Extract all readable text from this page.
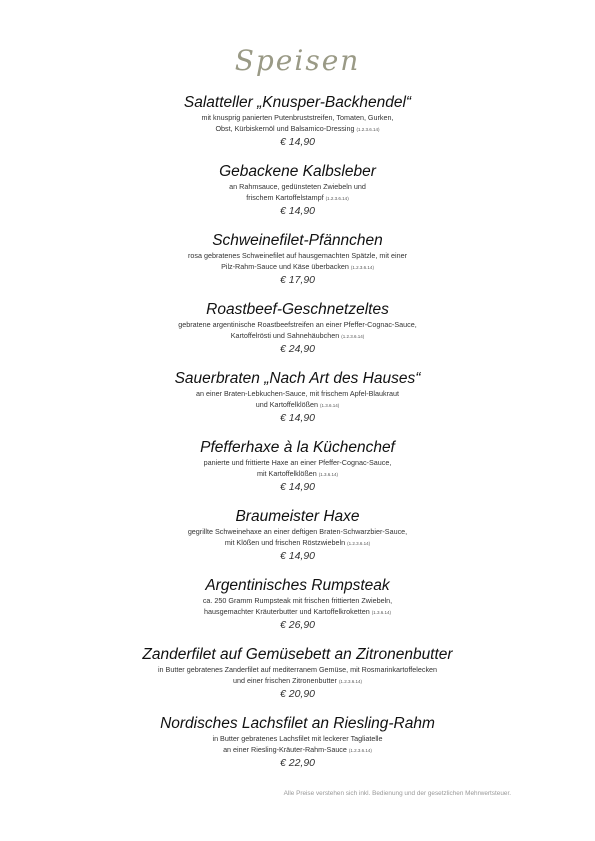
Speisen
Salatteller „Knusper-Backhendel“
mit knusprig panierten Putenbruststreifen, Tomaten, Gurken,
Obst, Kürbiskernöl und Balsamico-Dressing (1.2.3.6.14)
€ 14,90
Gebackene Kalbsleber
an Rahmsauce, gedünsteten Zwiebeln und
frischem Kartoffelstampf (1.2.3.6.14)
€ 14,90
Schweinefilet-Pfännchen
rosa gebratenes Schweinefilet auf hausgemachten Spätzle, mit einer
Pilz-Rahm-Sauce und Käse überbacken (1.2.3.6.14)
€ 17,90
Roastbeef-Geschnetzeltes
gebratene argentinische Roastbeefstreifen an einer Pfeffer-Cognac-Sauce,
Kartoffelrösti und Sahnehäubchen (1.2.3.6.14)
€ 24,90
Sauerbraten „Nach Art des Hauses“
an einer Braten-Lebkuchen-Sauce, mit frischem Apfel-Blaukraut
und Kartoffelklößen (1.3.6.14)
€ 14,90
Pfefferhaxe à la Küchenchef
panierte und frittierte Haxe an einer Pfeffer-Cognac-Sauce,
mit Kartoffelklößen (1.3.6.14)
€ 14,90
Braumeister Haxe
gegrillte Schweinehaxe an einer deftigen Braten-Schwarzbier-Sauce,
mit Klößen und frischen Röstzwiebeln (1.2.3.6.14)
€ 14,90
Argentinisches Rumpsteak
ca. 250 Gramm Rumpsteak mit frischen frittierten Zwiebeln,
hausgemachter Kräuterbutter und Kartoffelkroketten (1.3.6.14)
€ 26,90
Zanderfilet auf Gemüsebett an Zitronenbutter
in Butter gebratenes Zanderfilet auf mediterranem Gemüse, mit Rosmarinkartoffelecken
und einer frischen Zitronenbutter (1.2.3.6.14)
€ 20,90
Nordisches Lachsfilet an Riesling-Rahm
in Butter gebratenes Lachsfilet mit leckerer Tagliatelle
an einer Riesling-Kräuter-Rahm-Sauce (1.2.3.6.14)
€ 22,90
Alle Preise verstehen sich inkl. Bedienung und der gesetzlichen Mehrwertsteuer.
